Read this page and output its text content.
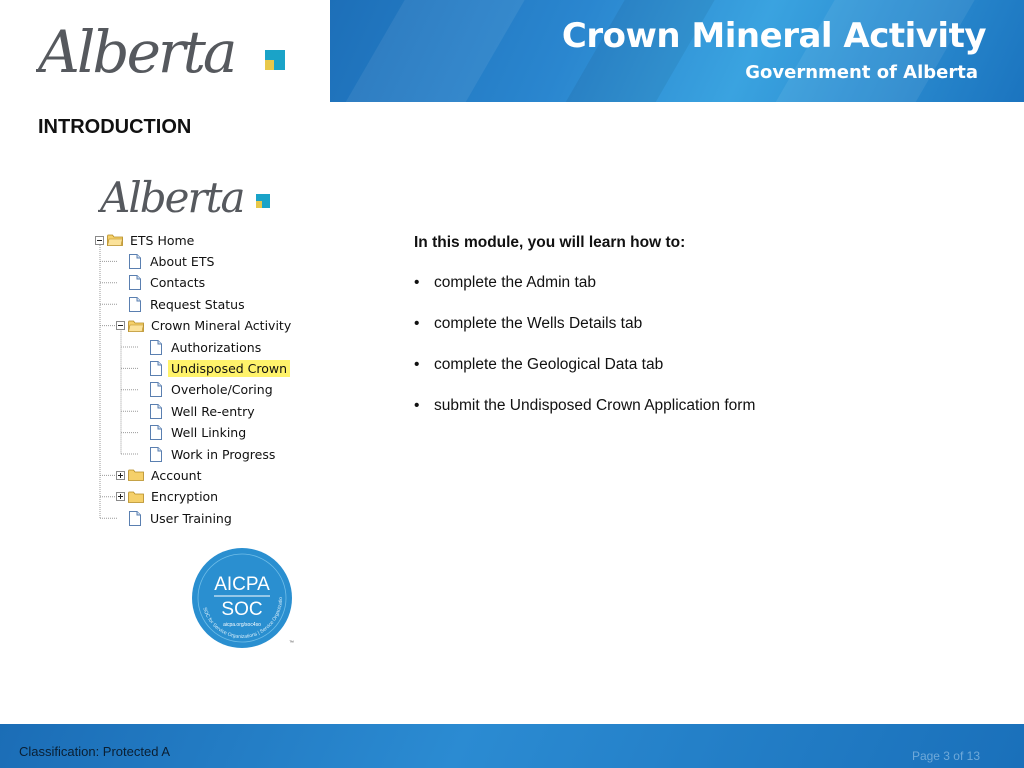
Alberta	Crown Mineral Activity
Government of Alberta
INTRODUCTION
Alberta
ETS Home
About ETS
Contacts
Request Status
Crown Mineral Activity
Authorizations
Undisposed Crown
Overhole/Coring
Well Re-entry
Well Linking
Work in Progress
Account
Encryption
User Training
In this module, you will learn how to:
• complete the Admin tab
• complete the Wells Details tab
• complete the Geological Data tab
• submit the Undisposed Crown Application form
AICPA
SOC
aicpa.org/soc4so
SOC for Service Organizations | Service Organizatio
™
Classification: Protected A	Page 3 of 13
